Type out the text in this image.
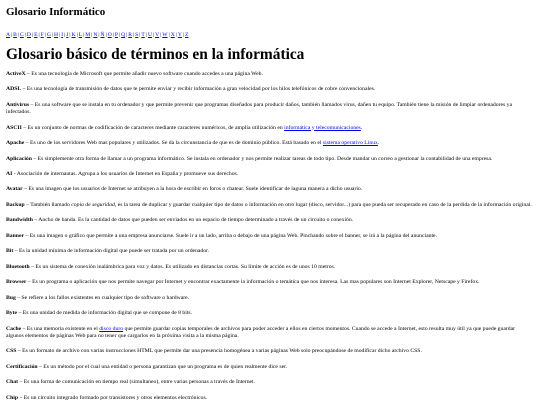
Glosario Informático
A|B|C|D|E|F|G|H|I|J|K|L|M|N|Ñ|O|P|Q|R|S|T|U|V|W|X|Y|Z
Glosario básico de términos en la informática

ActiveX – Es una tecnología de Microsoft que permite añadir nuevo software cuando accedes a una página Web.

ADSL – Es una tecnología de transmisión de datos que te permite enviar y recibir información a gran velocidad por los hilos telefónicos de cobre convencionales.

Antivirus – Es una software que se instala en tu ordenador y que permite prevenir que programas diseñados para producir daños, también llamados virus, dañen tu equipo. También tiene la misión de limpiar ordenadores ya infectados.

ASCII – Es un conjunto de normas de codificación de caracteres mediante caracteres numéricos, de amplia utilización en informática y telecomunicaciones.

Apache – Es uno de los servidores Web mas populares y utilizados. Se da la circunstancia de que es de dominio público. Está basado en el sistema operativo Linux.

Aplicación – Es simplemente otra forma de llamar a un programa informático. Se instala en ordenador y nos permite realizar tareas de todo tipo. Desde mandar un correo a gestionar la contabilidad de una empresa.

AI - Asociación de internautas. Agrupa a los usuarios de Internet en España y promueve sus derechos.

Avatar – Es una imagen que los usuarios de Internet se atribuyen a la hora de escribir en foros o chatear. Suele identificar de laguna manera a dicho usuario.

Backup – También llamado copia de seguridad, es la tarea de duplicar y guardar cualquier tipo de datos o información en otro lugar (disco, servidor...) para que pueda ser recuperado en caso de la perdida de la información original.

Bandwidth – Ancho de banda. Es la cantidad de datos que pueden ser enviados en un espacio de tiempo determinado a través de un circuito o conexión.

Banner – Es una imagen o gráfico que permite a una empresa anunciarse. Suele ir a un lado, arriba o debajo de una página Web. Pinchando sobre el banner, se irá a la página del anunciante.

Bit – Es la unidad mínima de información digital que puede ser tratada por un ordenador.

Bluetooth – Es un sistema de conexión inalámbrica para voz y datos. Es utilizado en distancias cortas. Su límite de acción es de unos 10 metros.

Browser – Es un programa o aplicación que nos permite navegar por Internet y encontrar exactamente la información o temática que nos interesa. Las mas populares son Internet Explorer, Netscape y Firefox.

Bug – Se refiere a los fallos existentes en cualquier tipo de software o hardware.

Byte – Es una unidad de medida de información digital que se compone de 8 bits.

Cache – Es una memoria existente en el disco duro que permite guardar copias temporales de archivos para poder acceder a ellos en ciertos momentos. Cuando se accede a Internet, esto resulta muy útil ya que puede guardar algunos elementos de páginas Web para no tener que cargarlos en la próxima visita a la misma página.

CSS – Es un formato de archivo con varias instrucciones HTML que permite dar una presencia homogénea a varias páginas Web solo preocupándose de modificar dicho archivo CSS.

Certificación – Es un método por el cual una entidad o persona garantizan que un programa es de quien realmente dice ser.

Chat – Es una forma de comunicación en tiempo real (simultaneo), entre varias personas a través de Internet.

Chip – Es un circuito integrado formado por transistores y otros elementos electrónicos.
